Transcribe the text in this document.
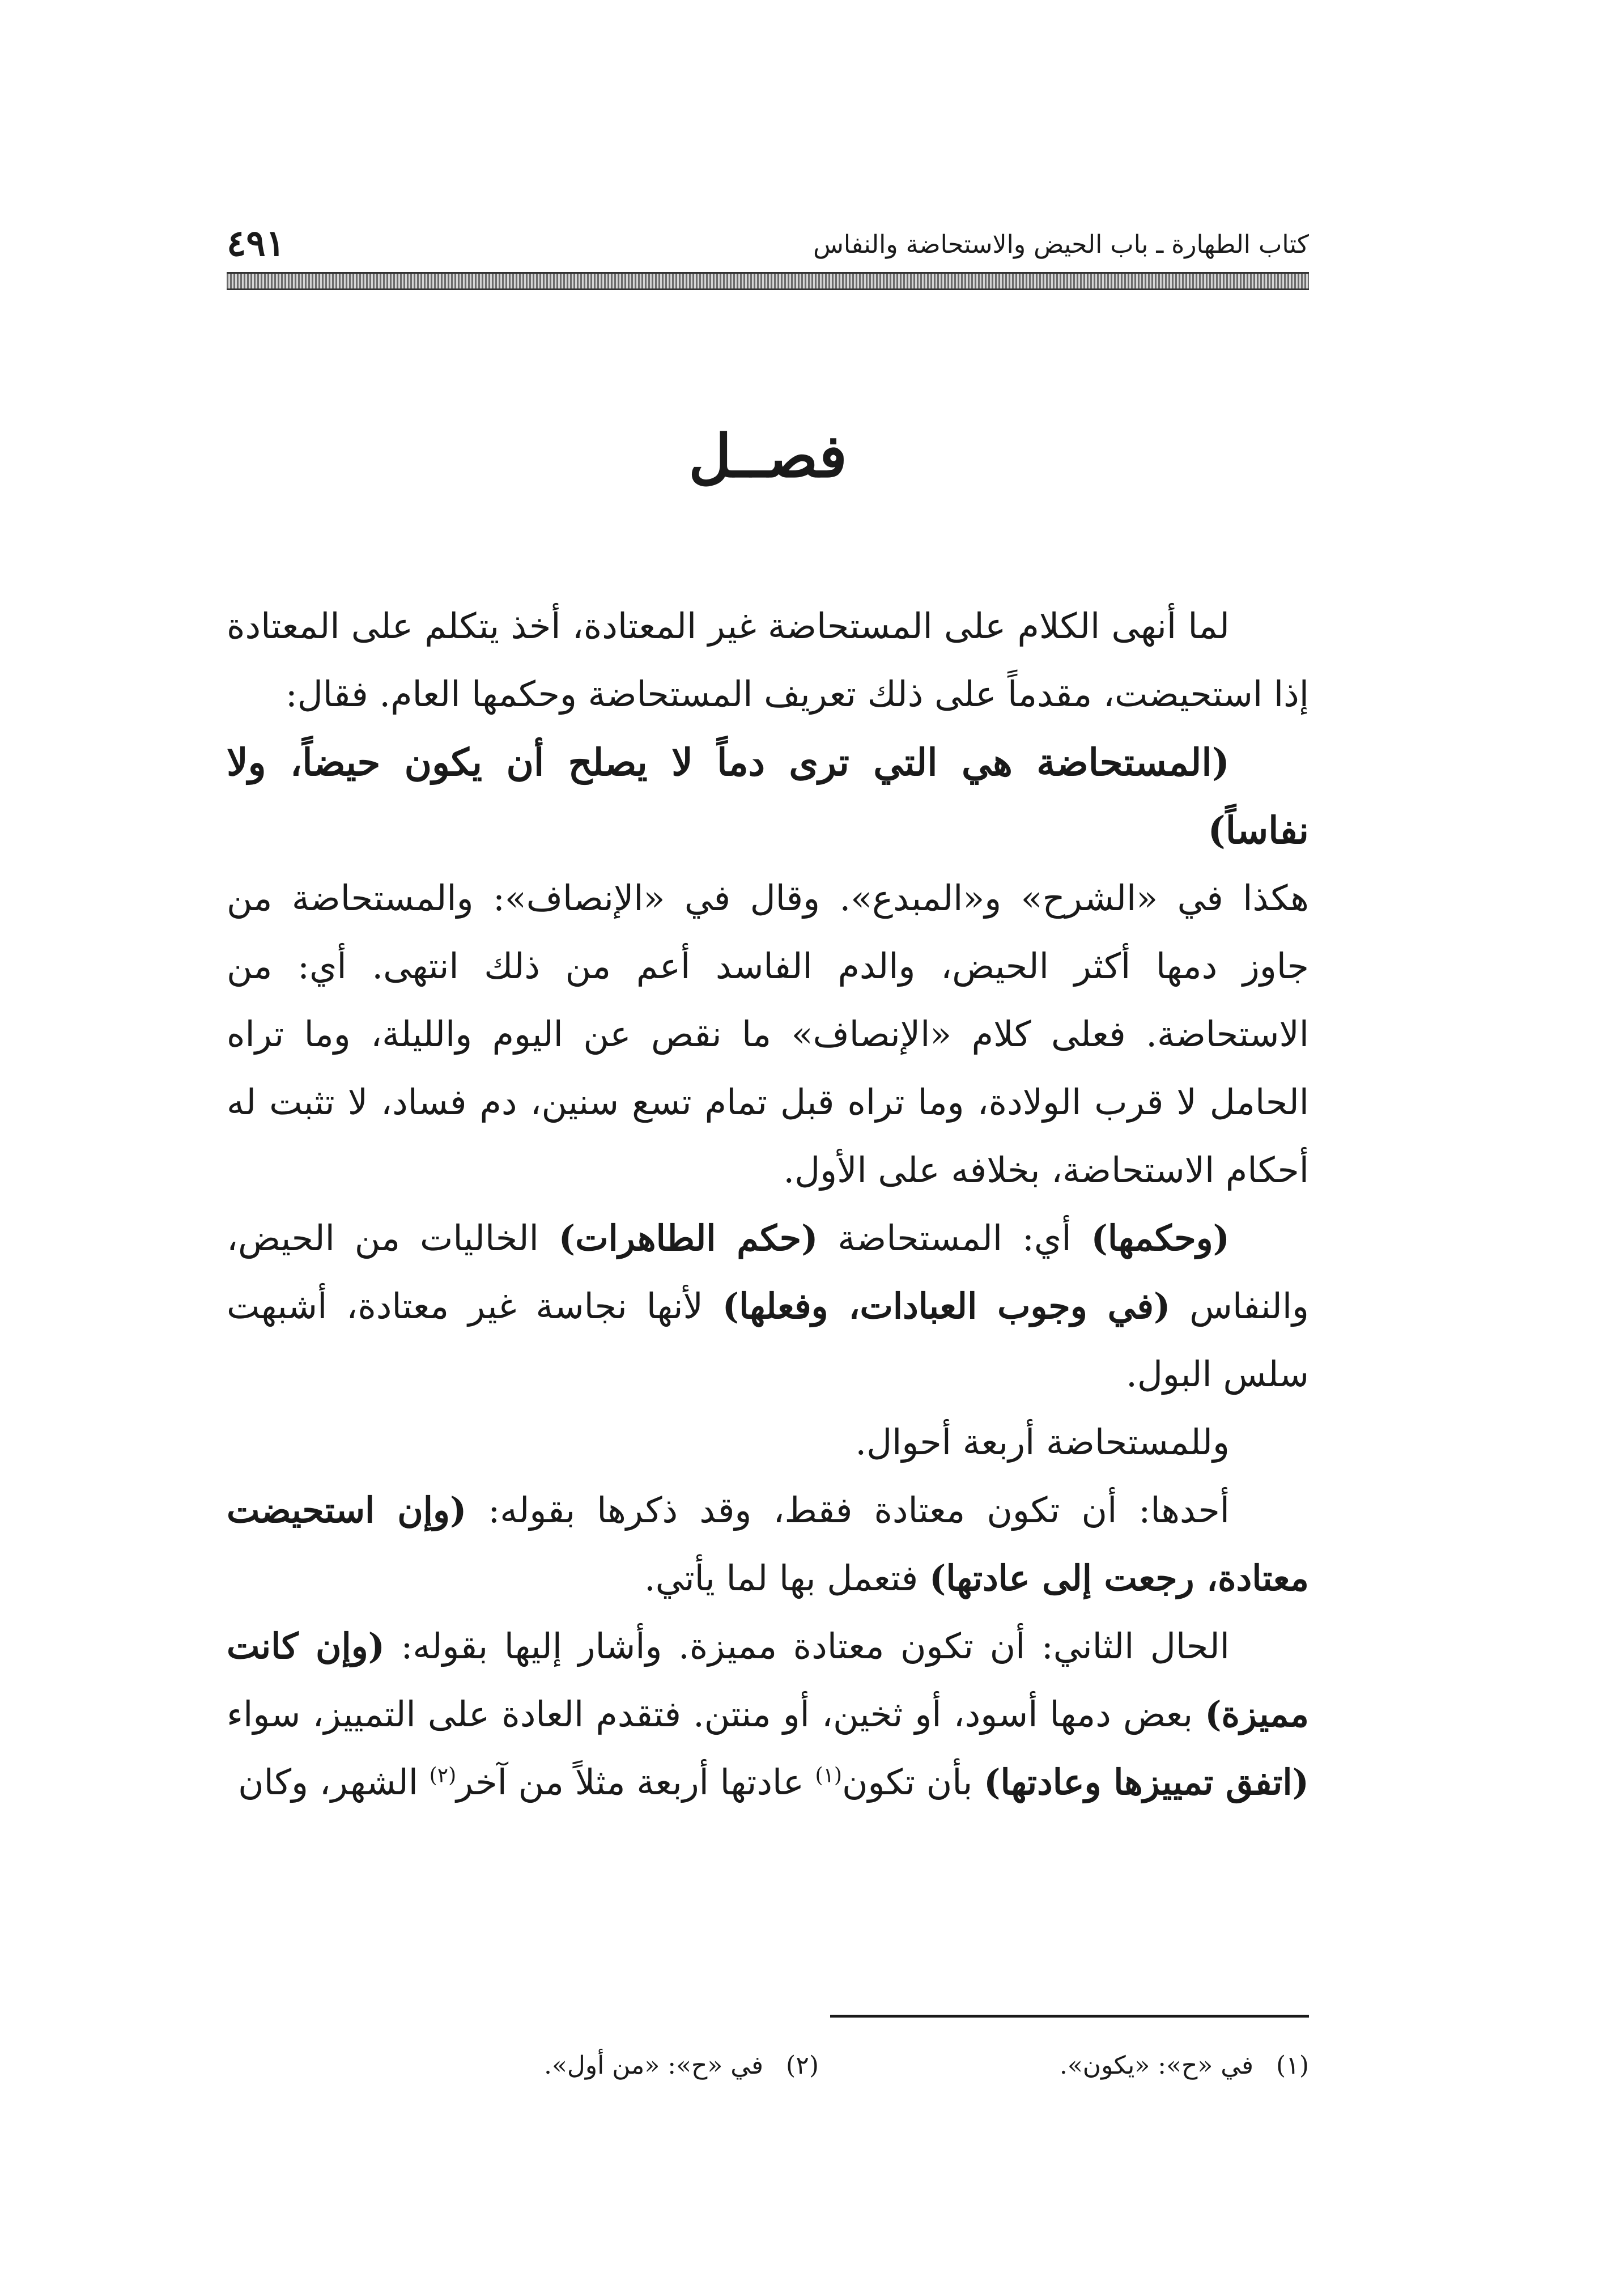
كتاب الطهارة ـ باب الحيض والاستحاضة والنفاس
٤٩١
فصــل

لما أنهى الكلام على المستحاضة غير المعتادة، أخذ يتكلم على المعتادة إذا استحيضت، مقدماً على ذلك تعريف المستحاضة وحكمها العام. فقال:

(المستحاضة هي التي ترى دماً لا يصلح أن يكون حيضاً، ولا نفاساً)

هكذا في «الشرح» و«المبدع». وقال في «الإنصاف»: والمستحاضة من جاوز دمها أكثر الحيض، والدم الفاسد أعم من ذلك انتهى. أي: من الاستحاضة. فعلى كلام «الإنصاف» ما نقص عن اليوم والليلة، وما تراه الحامل لا قرب الولادة، وما تراه قبل تمام تسع سنين، دم فساد، لا تثبت له أحكام الاستحاضة، بخلافه على الأول.

(وحكمها) أي: المستحاضة (حكم الطاهرات) الخاليات من الحيض، والنفاس (في وجوب العبادات، وفعلها) لأنها نجاسة غير معتادة، أشبهت سلس البول.

وللمستحاضة أربعة أحوال.

أحدها: أن تكون معتادة فقط، وقد ذكرها بقوله: (وإن استحيضت معتادة، رجعت إلى عادتها) فتعمل بها لما يأتي.

الحال الثاني: أن تكون معتادة مميزة. وأشار إليها بقوله: (وإن كانت مميزة) بعض دمها أسود، أو ثخين، أو منتن. فتقدم العادة على التمييز، سواء (اتفق تمييزها وعادتها) بأن تكون$^{(١)}$ عادتها أربعة مثلاً من آخر$^{(٢)}$ الشهر، وكان

(١)في «ح»: «يكون».
(٢)في «ح»: «من أول».
